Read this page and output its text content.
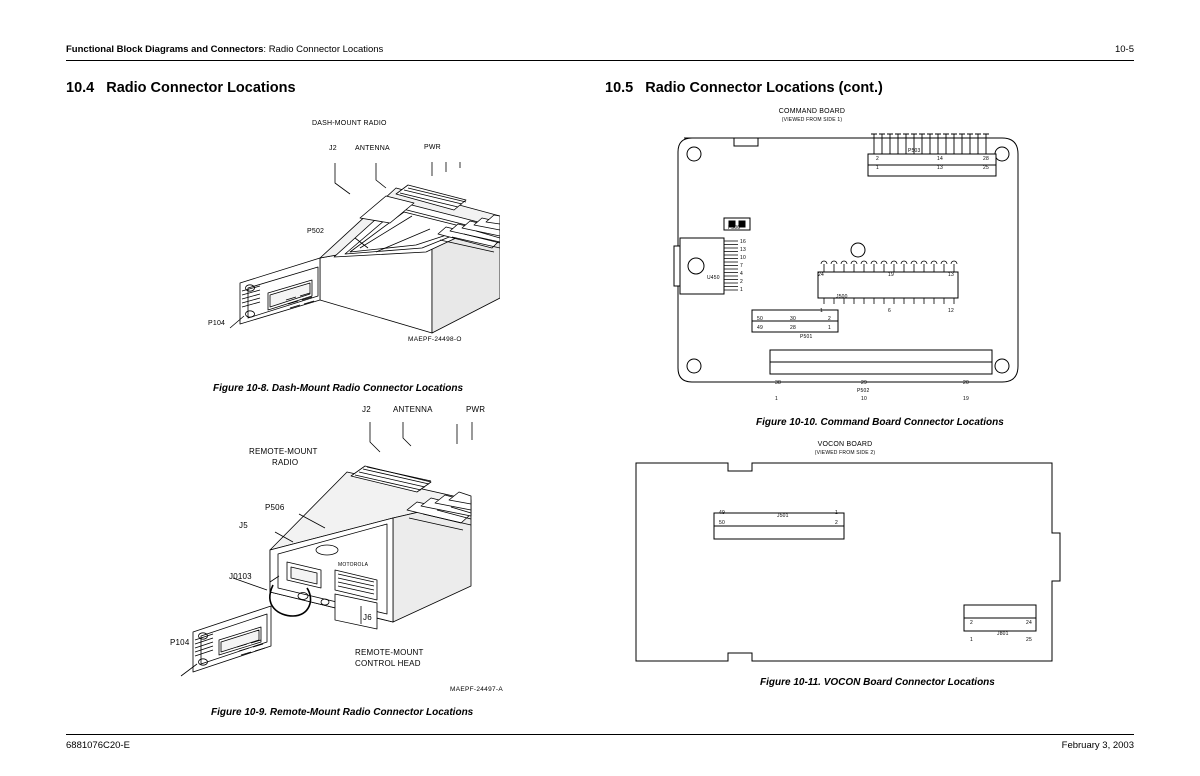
Functional Block Diagrams and Connectors: Radio Connector Locations	10-5
10.4 Radio Connector Locations	10.5 Radio Connector Locations (cont.)
DASH-MOUNT RADIO
J2	ANTENNA	PWR
P502
P104
MAEPF-24498-O
Figure 10-8. Dash-Mount Radio Connector Locations
J2	ANTENNA	PWR
REMOTE-MOUNT
RADIO
P506
J5
J0103
J6
P104
MOTOROLA
REMOTE-MOUNT
CONTROL HEAD
MAEPF-24497-A
Figure 10-9. Remote-Mount Radio Connector Locations
COMMAND BOARD
(VIEWED FROM SIDE 1)
P503
2	14	28
1	13	25
F500
U450
16
13
10
7
4
2
1
J500
24	19	13
1	6	12
P501
50	30	2
49	28	1
P502
38	29	20
1	10	19
Figure 10-10. Command Board Connector Locations
VOCON BOARD
(VIEWED FROM SIDE 2)
J501
49	1
50	2
J801
2	24
1	25
Figure 10-11. VOCON Board Connector Locations
6881076C20-E	February 3, 2003
